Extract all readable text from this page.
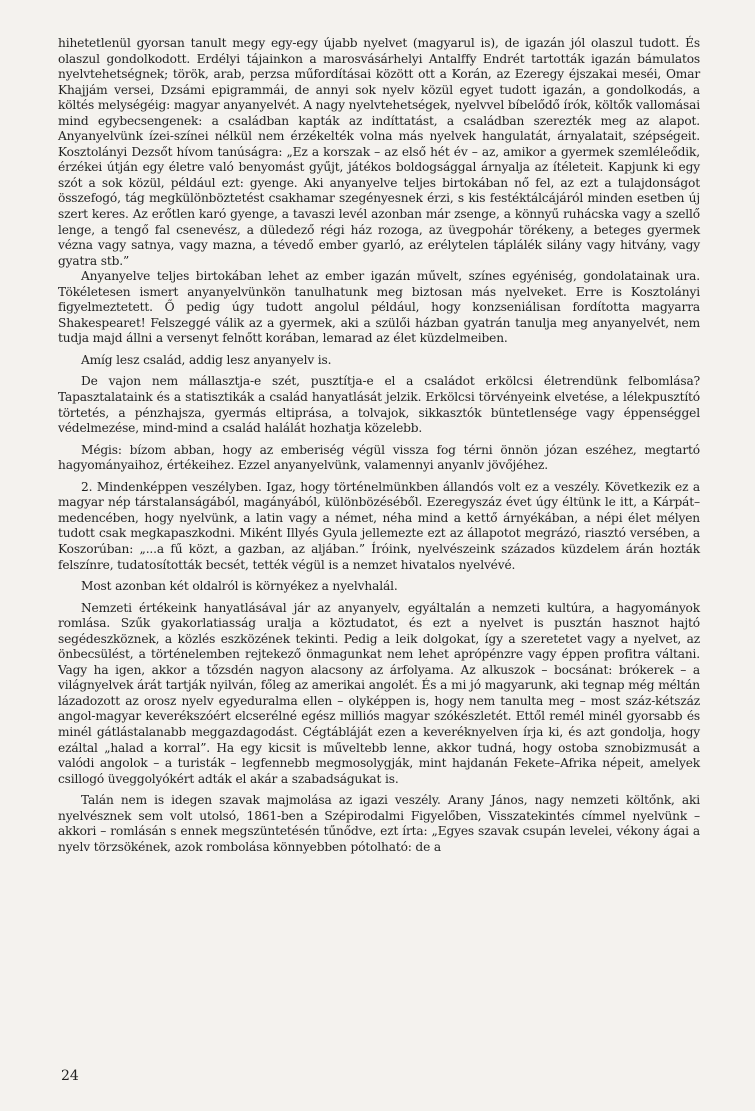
hihetetlenül gyorsan tanult megy egy-egy újabb nyelvet (magyarul is), de igazán jól olaszul tudott. És olaszul gondolkodott. Erdélyi tájainkon a marosvásárhelyi Antalffy Endrét tartották igazán bámulatos nyelvtehetségnek; török, arab, perzsa műfordításai között ott a Korán, az Ezeregy éjszakai meséi, Omar Khajjám versei, Dzsámi epigrammái, de annyi sok nyelv közül egyet tudott igazán, a gondolkodás, a költés melységéig: magyar anyanyelvét. A nagy nyelvtehetségek, nyelvvel bíbelődő írók, költők vallomásai mind egybecsengenek: a családban kapták az indíttatást, a családban szerezték meg az alapot. Anyanyelvünk ízei-színei nélkül nem érzékelték volna más nyelvek hangulatát, árnyalatait, szépségeit. Kosztolányi Dezsőt hívom tanúságra: „Ez a korszak – az első hét év – az, amikor a gyermek szemléleődik, érzékei útján egy életre való benyomást gyűjt, játékos boldogsággal árnyalja az ítéleteit. Kapjunk ki egy szót a sok közül, például ezt: gyenge. Aki anyanyelve teljes birtokában nő fel, az ezt a tulajdonságot összefogó, tág megkülönböztetést csakhamar szegényesnek érzi, s kis festéktálcájáról minden esetben új szert keres. Az erőtlen karó gyenge, a tavaszi levél azonban már zsenge, a könnyű ruhácska vagy a szellő lenge, a tengő fal csenevész, a düledező régi ház rozoga, az üvegpohár törékeny, a beteges gyermek vézna vagy satnya, vagy mazna, a tévedő ember gyarló, az erélytelen táplálék silány vagy hitvány, vagy gyatra stb.”

Anyanyelve teljes birtokában lehet az ember igazán művelt, színes egyéniség, gondolatainak ura. Tökéletesen ismert anyanyelvünkön tanulhatunk meg biztosan más nyelveket. Erre is Kosztolányi figyelmeztetett. Ő pedig úgy tudott angolul például, hogy konzseniálisan fordította magyarra Shakespearet! Felszeggé válik az a gyermek, aki a szülői házban gyatrán tanulja meg anyanyelvét, nem tudja majd állni a versenyt felnőtt korában, lemarad az élet küzdelmeiben.

Amíg lesz család, addig lesz anyanyelv is.

De vajon nem mállasztja-e szét, pusztítja-e el a családot erkölcsi életrendünk felbomlása? Tapasztalataink és a statisztikák a család hanyatlását jelzik. Erkölcsi törvényeink elvetése, a lélekpusztító törtetés, a pénzhajsza, gyermás eltiprása, a tolvajok, sikkasztók büntetlensége vagy éppenséggel védelmezése, mind-mind a család halálát hozhatja közelebb.

Mégis: bízom abban, hogy az emberiség végül vissza fog térni önnön józan eszéhez, megtartó hagyományaihoz, értékeihez. Ezzel anyanyelvünk, valamennyi anyanlv jövőjéhez.

2. Mindenképpen veszélyben. Igaz, hogy történelmünkben állandós volt ez a veszély. Következik ez a magyar nép társtalanságából, magányából, különbözéséből. Ezeregyszáz évet úgy éltünk le itt, a Kárpát–medencében, hogy nyelvünk, a latin vagy a német, néha mind a kettő árnyékában, a népi élet mélyen tudott csak megkapaszkodni. Miként Illyés Gyula jellemezte ezt az állapotot megrázó, riasztó versében, a Koszorúban: „...a fű közt, a gazban, az aljában.” Íróink, nyelvészeink százados küzdelem árán hozták felszínre, tudatosították becsét, tették végül is a nemzet hivatalos nyelvévé.

Most azonban két oldalról is környékez a nyelvhalál.

Nemzeti értékeink hanyatlásával jár az anyanyelv, egyáltalán a nemzeti kultúra, a hagyományok romlása. Szűk gyakorlatiasság uralja a köztudatot, és ezt a nyelvet is pusztán hasznot hajtó segédeszköznek, a közlés eszközének tekinti. Pedig a leik dolgokat, így a szeretetet vagy a nyelvet, az önbecsülést, a történelemben rejtekező önmagunkat nem lehet aprópénzre vagy éppen profitra váltani. Vagy ha igen, akkor a tőzsdén nagyon alacsony az árfolyama. Az alkuszok – bocsánat: brókerek – a világnyelvek árát tartják nyilván, főleg az amerikai angolét. És a mi jó magyarunk, aki tegnap még méltán lázadozott az orosz nyelv egyeduralma ellen – olyképpen is, hogy nem tanulta meg – most száz-kétszáz angol-magyar keverékszóért elcserélné egész milliós magyar szókészletét. Ettől remél minél gyorsabb és minél gátlástalanabb meggazdagodást. Cégtábláját ezen a keveréknyelven írja ki, és azt gondolja, hogy ezáltal „halad a korral”. Ha egy kicsit is műveltebb lenne, akkor tudná, hogy ostoba sznobizmusát a valódi angolok – a turisták – legfennebb megmosolygják, mint hajdanán Fekete–Afrika népeit, amelyek csillogó üveggolyókért adták el akár a szabadságukat is.

Talán nem is idegen szavak majmolása az igazi veszély. Arany János, nagy nemzeti költőnk, aki nyelvésznek sem volt utolsó, 1861-ben a Szépirodalmi Figyelőben, Visszatekintés címmel nyelvünk – akkori – romlásán s ennek megszüntetésén tűnődve, ezt írta: „Egyes szavak csupán levelei, vékony ágai a nyelv törzsökének, azok rombolása könnyebben pótolható: de a

24
